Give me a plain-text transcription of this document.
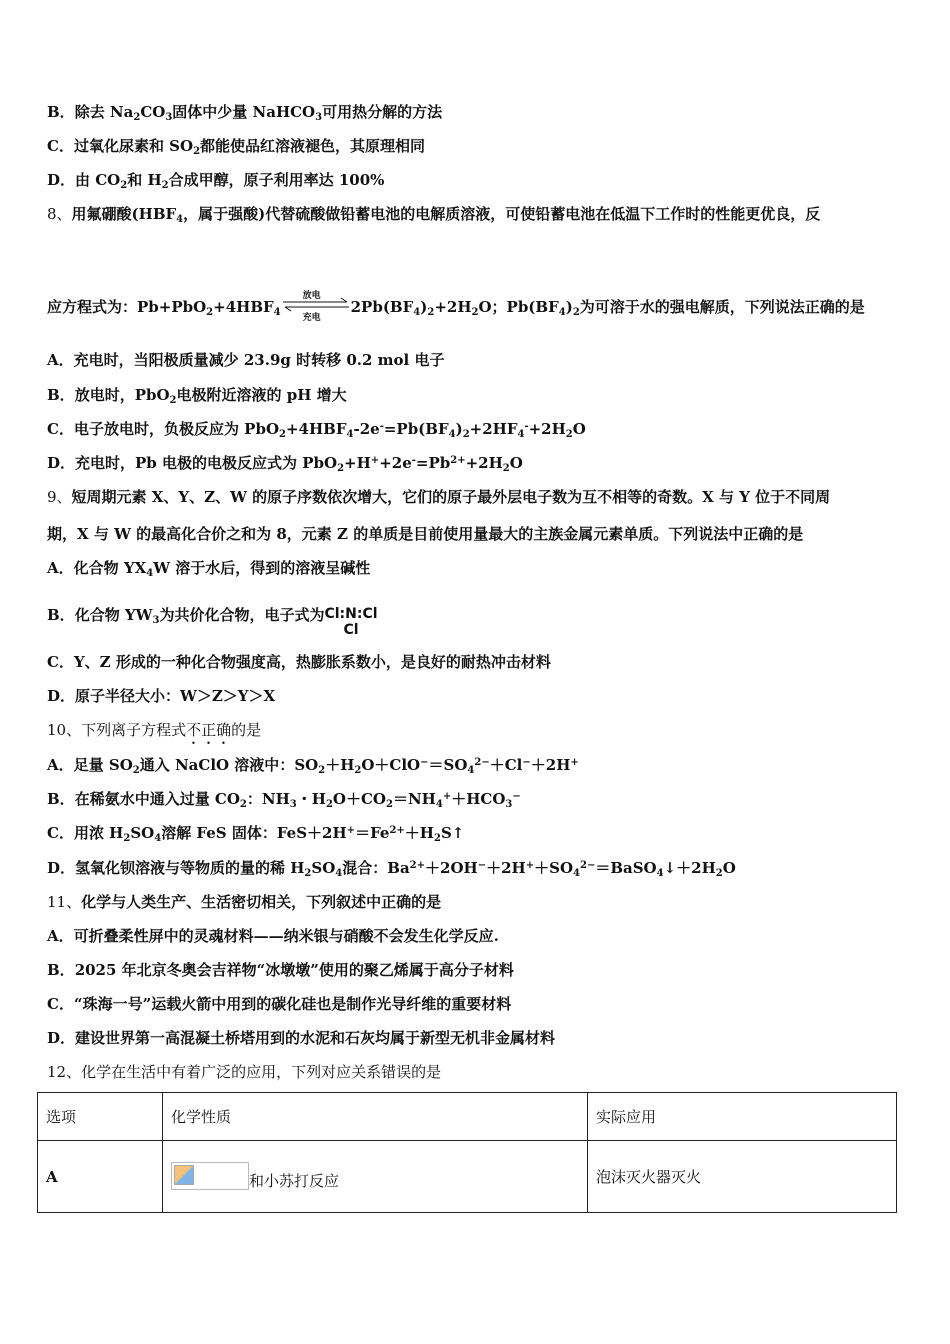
B．除去 $Na_2CO_3$固体中少量 NaHCO$_3$可用热分解的方法
C．过氧化尿素和 $SO_2$都能使品红溶液褪色，其原理相同
D．由 $CO_2$和 $H_2$合成甲醇，原子利用率达 100%
8、用氟硼酸($HBF_4$，属于强酸)代替硫酸做铅蓄电池的电解质溶液，可使铅蓄电池在低温下工作时的性能更优良，反
应方程式为：$Pb+PbO_2+4HBF_4$
放电
充电
$2Pb(BF_4)_2+2H_2O$；$Pb(BF_4)_2$为可溶于水的强电解质，下列说法正确的是
A．充电时，当阳极质量减少 23.9g 时转移 0.2 mol 电子
B．放电时，PbO$_2$电极附近溶液的 pH 增大
C．电子放电时，负极反应为 $PbO_2+4HBF_4-2e^-=Pb(BF_4)_2+2HF_4^-+2H_2O$
D．充电时，Pb 电极的电极反应式为 $PbO_2+H^++2e^-=Pb^{2+}+2H_2O$
9、短周期元素 X、Y、Z、W 的原子序数依次增大，它们的原子最外层电子数为互不相等的奇数。X 与 Y 位于不同周
期，X 与 W 的最高化合价之和为 8，元素 Z 的单质是目前使用量最大的主族金属元素单质。下列说法中正确的是
A．化合物 $YX_4W$ 溶于水后，得到的溶液呈碱性
B．化合物 $YW_3$为共价化合物，电子式为Cl:N:Cl
Cl
C．Y、Z 形成的一种化合物强度高，热膨胀系数小，是良好的耐热冲击材料
D．原子半径大小：W＞Z＞Y＞X
10、下列离子方程式不正确的是
A．足量 $SO_2$通入 NaClO 溶液中：$SO_2+H_2O+ClO^-=SO_4^{2-}+Cl^-+2H^+$
B．在稀氨水中通入过量 $CO_2$：$NH_3$・$H_2O+CO_2=NH_4^++HCO_3^-$
C．用浓 $H_2SO_4$溶解 FeS 固体：$FeS+2H^+=Fe^{2+}+H_2S↑$
D．氢氧化钡溶液与等物质的量的稀 $H_2SO_4$混合：$Ba^{2+}+2OH^-+2H^++SO_4^{2-}=BaSO_4↓+2H_2O$
11、化学与人类生产、生活密切相关，下列叙述中正确的是
A．可折叠柔性屏中的灵魂材料——纳米银与硝酸不会发生化学反应.
B．2025 年北京冬奥会吉祥物“冰墩墩”使用的聚乙烯属于高分子材料
C．“珠海一号”运载火箭中用到的碳化硅也是制作光导纤维的重要材料
D．建设世界第一高混凝土桥塔用到的水泥和石灰均属于新型无机非金属材料
12、化学在生活中有着广泛的应用，下列对应关系错误的是
选项	化学性质	实际应用
A	和小苏打反应	泡沫灭火器灭火
